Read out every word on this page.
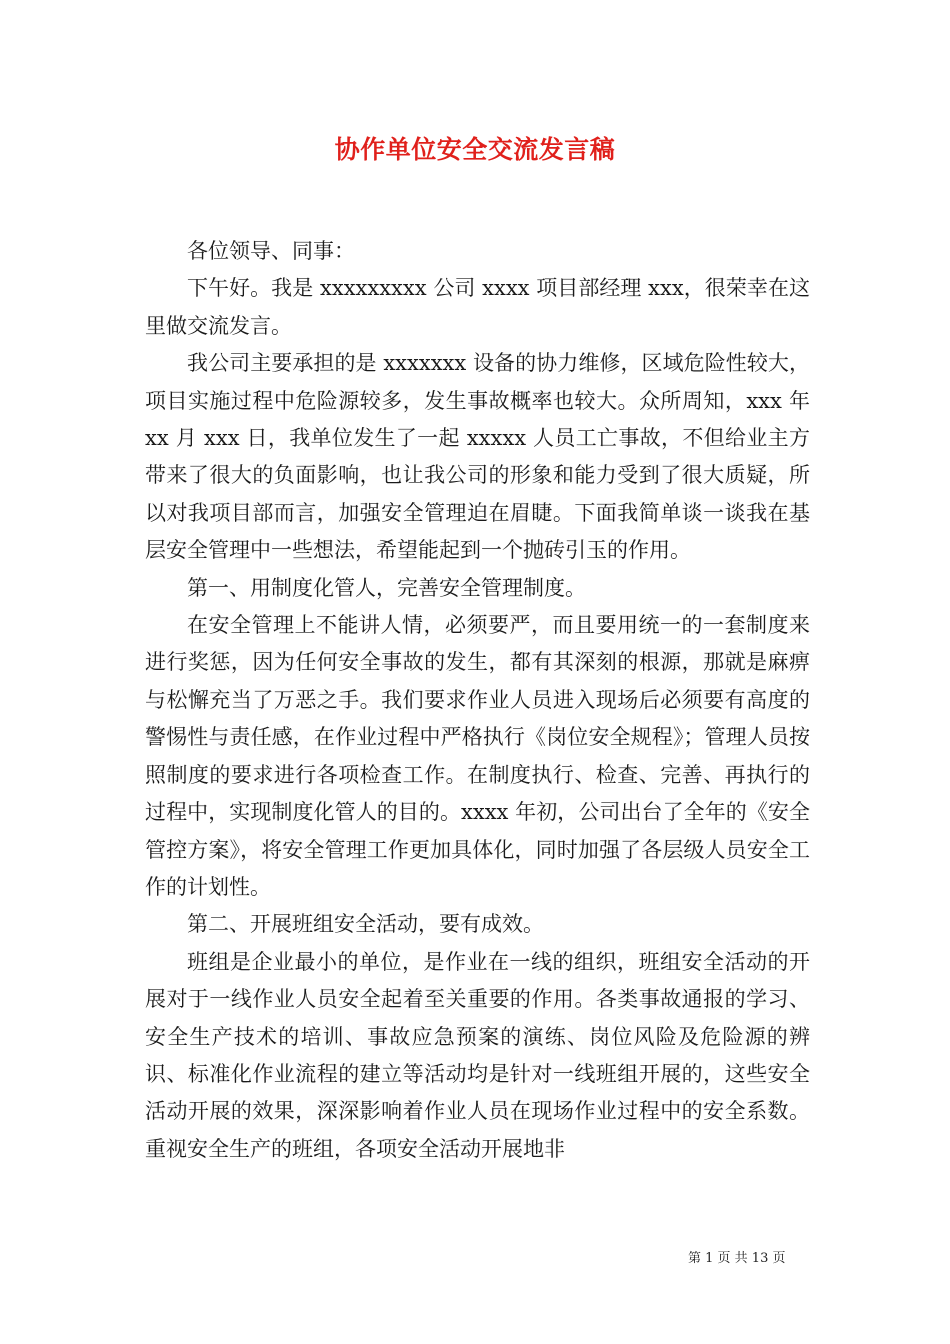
协作单位安全交流发言稿

各位领导、同事：

下午好。我是 xxxxxxxxx 公司 xxxx 项目部经理 xxx，很荣幸在这里做交流发言。

我公司主要承担的是 xxxxxxx 设备的协力维修，区域危险性较大，项目实施过程中危险源较多，发生事故概率也较大。众所周知，xxx 年 xx 月 xxx 日，我单位发生了一起 xxxxx 人员工亡事故，不但给业主方带来了很大的负面影响，也让我公司的形象和能力受到了很大质疑，所以对我项目部而言，加强安全管理迫在眉睫。下面我简单谈一谈我在基层安全管理中一些想法，希望能起到一个抛砖引玉的作用。

第一、用制度化管人，完善安全管理制度。

在安全管理上不能讲人情，必须要严，而且要用统一的一套制度来进行奖惩，因为任何安全事故的发生，都有其深刻的根源，那就是麻痹与松懈充当了万恶之手。我们要求作业人员进入现场后必须要有高度的警惕性与责任感，在作业过程中严格执行《岗位安全规程》；管理人员按照制度的要求进行各项检查工作。在制度执行、检查、完善、再执行的过程中，实现制度化管人的目的。xxxx 年初，公司出台了全年的《安全管控方案》，将安全管理工作更加具体化，同时加强了各层级人员安全工作的计划性。

第二、开展班组安全活动，要有成效。

班组是企业最小的单位，是作业在一线的组织，班组安全活动的开展对于一线作业人员安全起着至关重要的作用。各类事故通报的学习、安全生产技术的培训、事故应急预案的演练、岗位风险及危险源的辨识、标准化作业流程的建立等活动均是针对一线班组开展的，这些安全活动开展的效果，深深影响着作业人员在现场作业过程中的安全系数。重视安全生产的班组，各项安全活动开展地非

第 1 页 共 13 页
